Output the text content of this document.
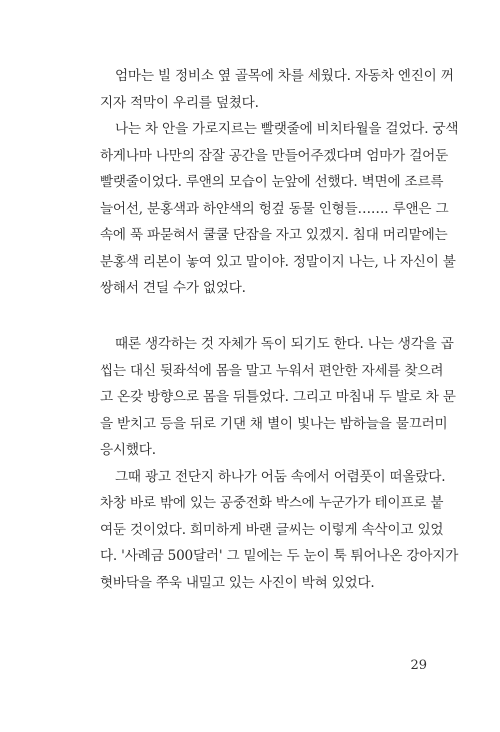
엄마는 빌 정비소 옆 골목에 차를 세웠다. 자동차 엔진이 꺼
지자 적막이 우리를 덮쳤다.

나는 차 안을 가로지르는 빨랫줄에 비치타월을 걸었다. 궁색
하게나마 나만의 잠잘 공간을 만들어주겠다며 엄마가 걸어둔
빨랫줄이었다. 루앤의 모습이 눈앞에 선했다. 벽면에 조르륵
늘어선, 분홍색과 하얀색의 헝겊 동물 인형들……. 루앤은 그
속에 푹 파묻혀서 쿨쿨 단잠을 자고 있겠지. 침대 머리맡에는
분홍색 리본이 놓여 있고 말이야. 정말이지 나는, 나 자신이 불
쌍해서 견딜 수가 없었다.

때론 생각하는 것 자체가 독이 되기도 한다. 나는 생각을 곱
씹는 대신 뒷좌석에 몸을 말고 누워서 편안한 자세를 찾으려
고 온갖 방향으로 몸을 뒤틀었다. 그리고 마침내 두 발로 차 문
을 받치고 등을 뒤로 기댄 채 별이 빛나는 밤하늘을 물끄러미
응시했다.

그때 광고 전단지 하나가 어둠 속에서 어렴풋이 떠올랐다.
차창 바로 밖에 있는 공중전화 박스에 누군가가 테이프로 붙
여둔 것이었다. 희미하게 바랜 글씨는 이렇게 속삭이고 있었
다. '사례금 500달러' 그 밑에는 두 눈이 툭 튀어나온 강아지가
혓바닥을 쭈욱 내밀고 있는 사진이 박혀 있었다.

29
